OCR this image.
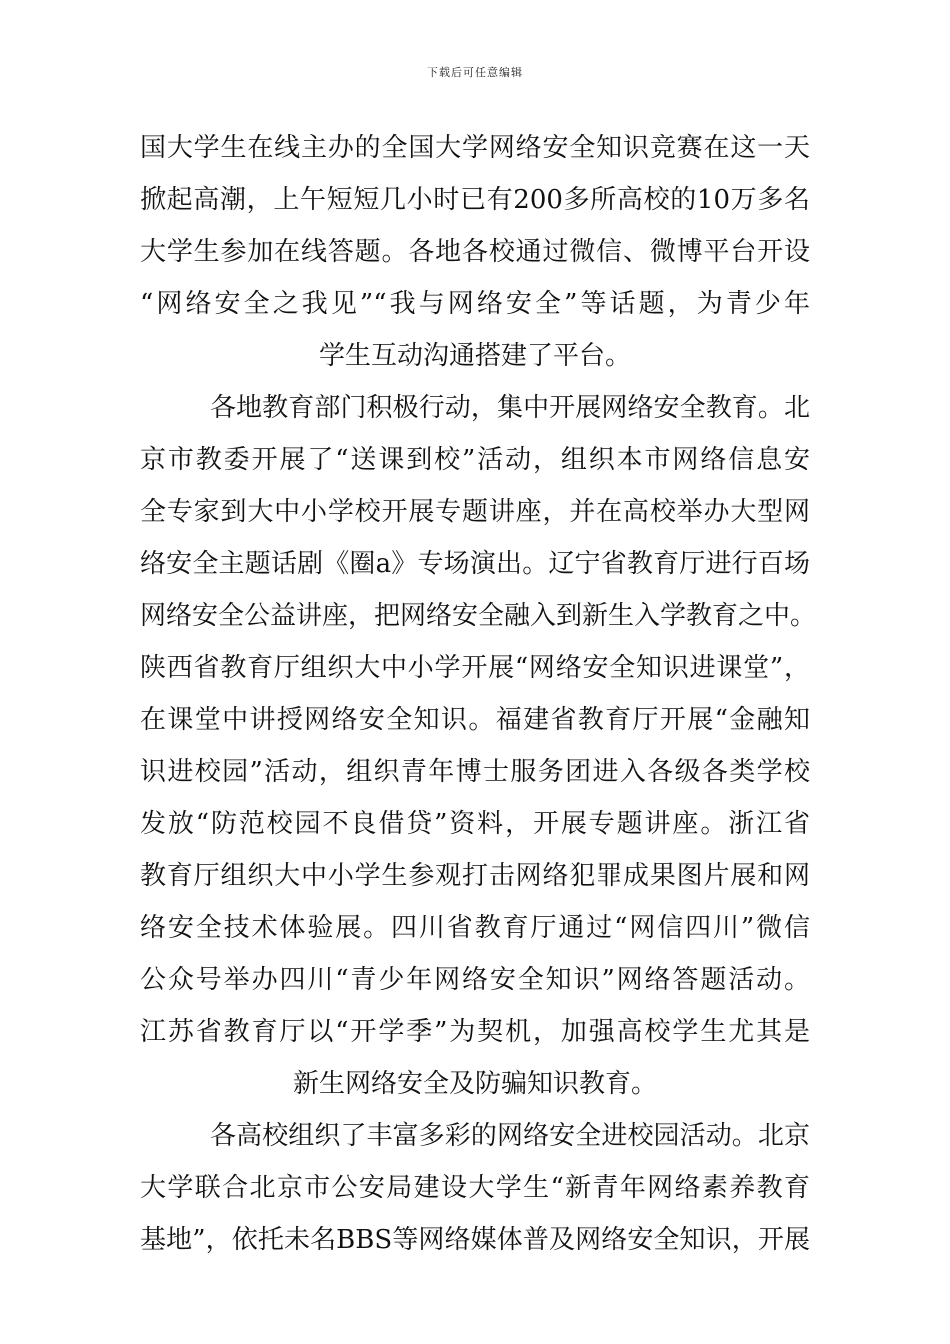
下载后可任意编辑
国大学生在线主办的全国大学网络安全知识竞赛在这一天
掀起高潮，上午短短几小时已有200多所高校的10万多名
大学生参加在线答题。各地各校通过微信、微博平台开设
“网络安全之我见”“我与网络安全”等话题，为青少年
学生互动沟通搭建了平台。
各地教育部门积极行动，集中开展网络安全教育。北
京市教委开展了“送课到校”活动，组织本市网络信息安
全专家到大中小学校开展专题讲座，并在高校举办大型网
络安全主题话剧《圈a》专场演出。辽宁省教育厅进行百场
网络安全公益讲座，把网络安全融入到新生入学教育之中。
陕西省教育厅组织大中小学开展“网络安全知识进课堂”，
在课堂中讲授网络安全知识。福建省教育厅开展“金融知
识进校园”活动，组织青年博士服务团进入各级各类学校
发放“防范校园不良借贷”资料，开展专题讲座。浙江省
教育厅组织大中小学生参观打击网络犯罪成果图片展和网
络安全技术体验展。四川省教育厅通过“网信四川”微信
公众号举办四川“青少年网络安全知识”网络答题活动。
江苏省教育厅以“开学季”为契机，加强高校学生尤其是
新生网络安全及防骗知识教育。
各高校组织了丰富多彩的网络安全进校园活动。北京
大学联合北京市公安局建设大学生“新青年网络素养教育
基地”，依托未名BBS等网络媒体普及网络安全知识，开展
